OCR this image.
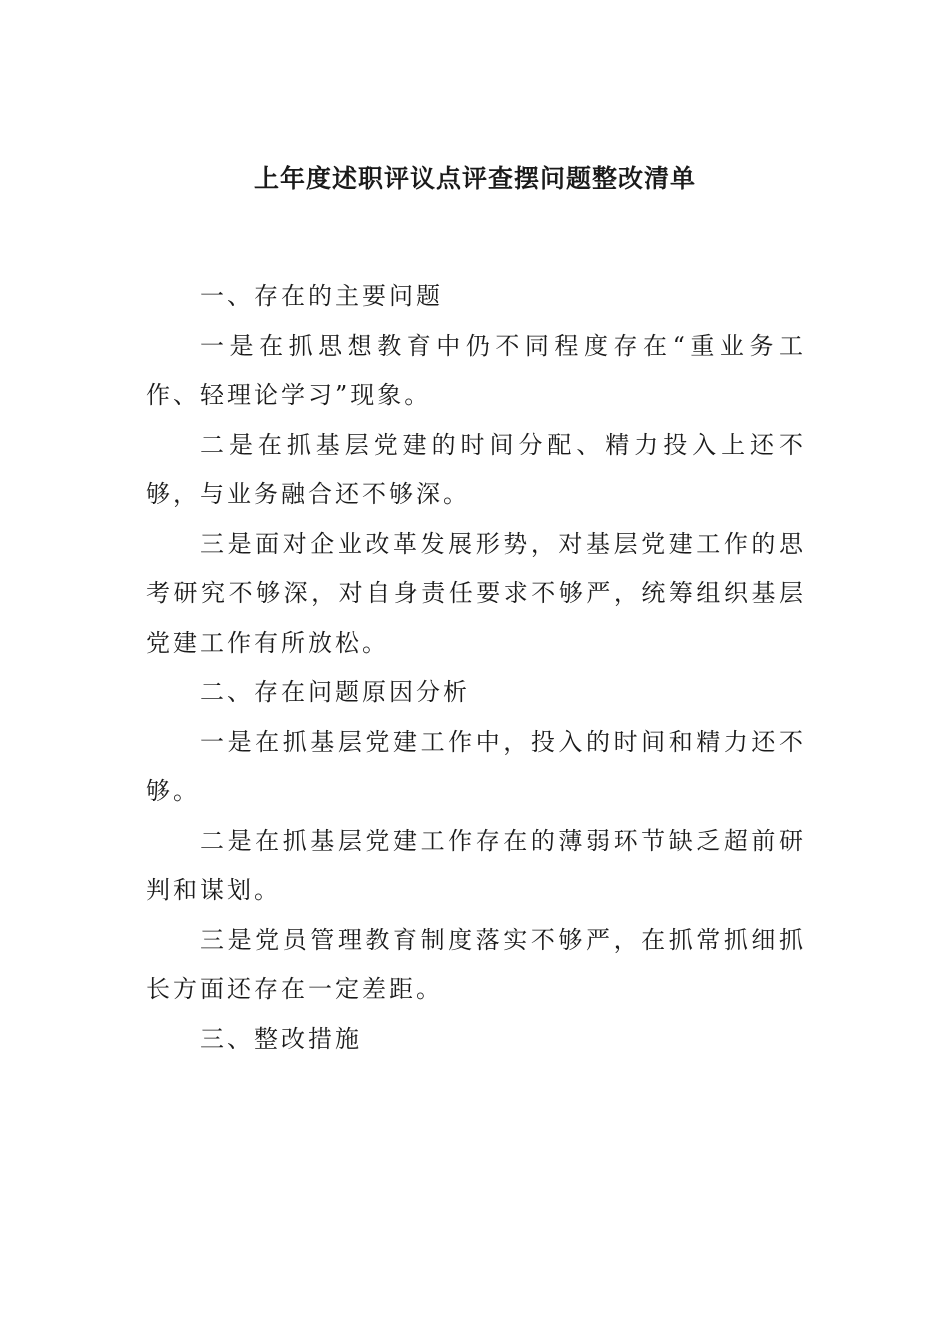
上年度述职评议点评查摆问题整改清单

一、存在的主要问题

一是在抓思想教育中仍不同程度存在“重业务工作、轻理论学习”现象。

二是在抓基层党建的时间分配、精力投入上还不够，与业务融合还不够深。

三是面对企业改革发展形势，对基层党建工作的思考研究不够深，对自身责任要求不够严，统筹组织基层党建工作有所放松。

二、存在问题原因分析

一是在抓基层党建工作中，投入的时间和精力还不够。

二是在抓基层党建工作存在的薄弱环节缺乏超前研判和谋划。

三是党员管理教育制度落实不够严，在抓常抓细抓长方面还存在一定差距。

三、整改措施
